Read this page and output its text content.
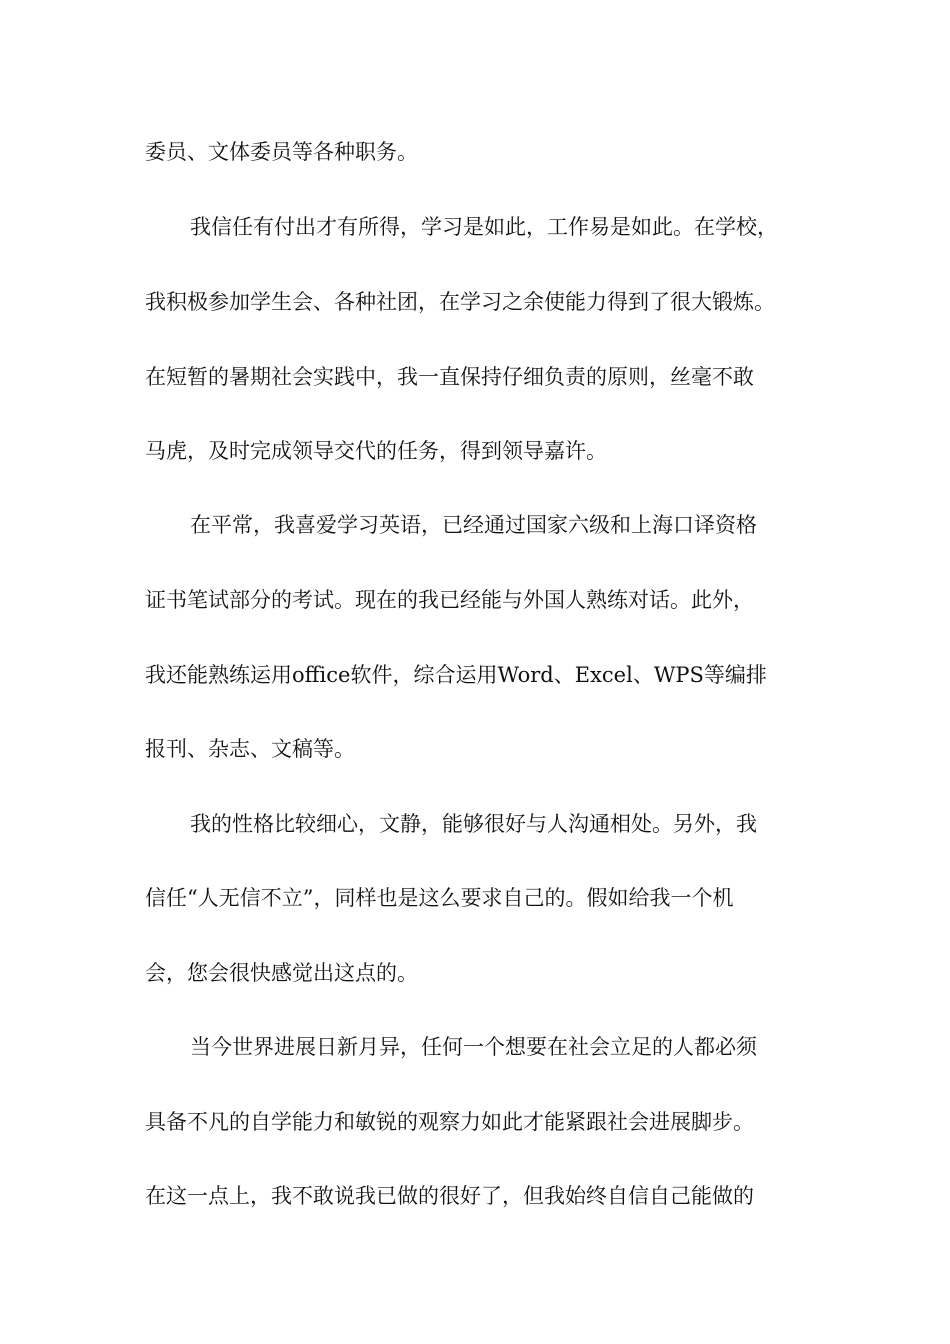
委员、文体委员等各种职务。
我信任有付出才有所得，学习是如此，工作易是如此。在学校，
我积极参加学生会、各种社团，在学习之余使能力得到了很大锻炼。
在短暂的暑期社会实践中，我一直保持仔细负责的原则，丝毫不敢
马虎，及时完成领导交代的任务，得到领导嘉许。
在平常，我喜爱学习英语，已经通过国家六级和上海口译资格
证书笔试部分的考试。现在的我已经能与外国人熟练对话。此外，
我还能熟练运用office软件，综合运用Word、Excel、WPS等编排
报刊、杂志、文稿等。
我的性格比较细心，文静，能够很好与人沟通相处。另外，我
信任“人无信不立”，同样也是这么要求自己的。假如给我一个机
会，您会很快感觉出这点的。
当今世界进展日新月异，任何一个想要在社会立足的人都必须
具备不凡的自学能力和敏锐的观察力如此才能紧跟社会进展脚步。
在这一点上，我不敢说我已做的很好了，但我始终自信自己能做的
